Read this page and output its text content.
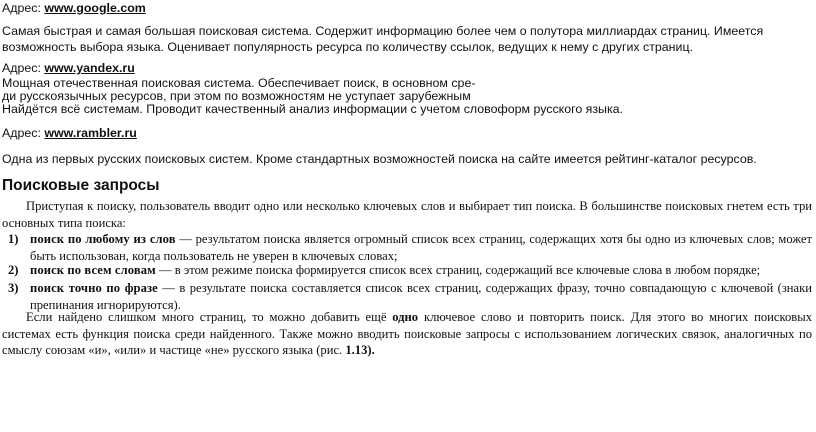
Адрес: www.google.com

Самая быстрая и самая большая поисковая система. Содержит информацию более чем о полутора миллиардах страниц. Имеется возможность выбора языка. Оценивает популярность ресурса по количеству ссылок, ведущих к нему с других страниц.

Адрес: www.yandex.ru

Мощная отечественная поисковая система. Обеспечивает поиск, в основном сре-

ди русскоязычных ресурсов, при этом по возможностям не уступает зарубежным

Найдётся всё системам. Проводит качественный анализ информации с учетом словоформ русского языка.

Адрес: www.rambler.ru

Одна из первых русских поисковых систем. Кроме стандартных возможностей поиска на сайте имеется рейтинг-каталог ресурсов.

Поисковые запросы

Приступая к поиску, пользователь вводит одно или несколько ключевых слов и выбирает тип поиска. В большинстве поисковых гнетем есть три основных типа поиска:

1) поиск по любому из слов — результатом поиска является огромный список всех страниц, содержащих хотя бы одно из ключевых слов; может быть использован, когда пользователь не уверен в ключевых словах;
2) поиск по всем словам — в этом режиме поиска формируется список всех страниц, содержащий все ключевые слова в любом порядке;
3) поиск точно по фразе — в результате поиска составляется список всех страниц, содержащих фразу, точно совпадающую с ключевой (знаки препинания игнорируются).

Если найдено слишком много страниц, то можно добавить ещё одно ключевое слово и повторить поиск. Для этого во многих поисковых системах есть функция поиска среди найденного. Также можно вводить поисковые запросы с использованием логических связок, аналогичных по смыслу союзам «и», «или» и частице «не» русского языка (рис. 1.13).
